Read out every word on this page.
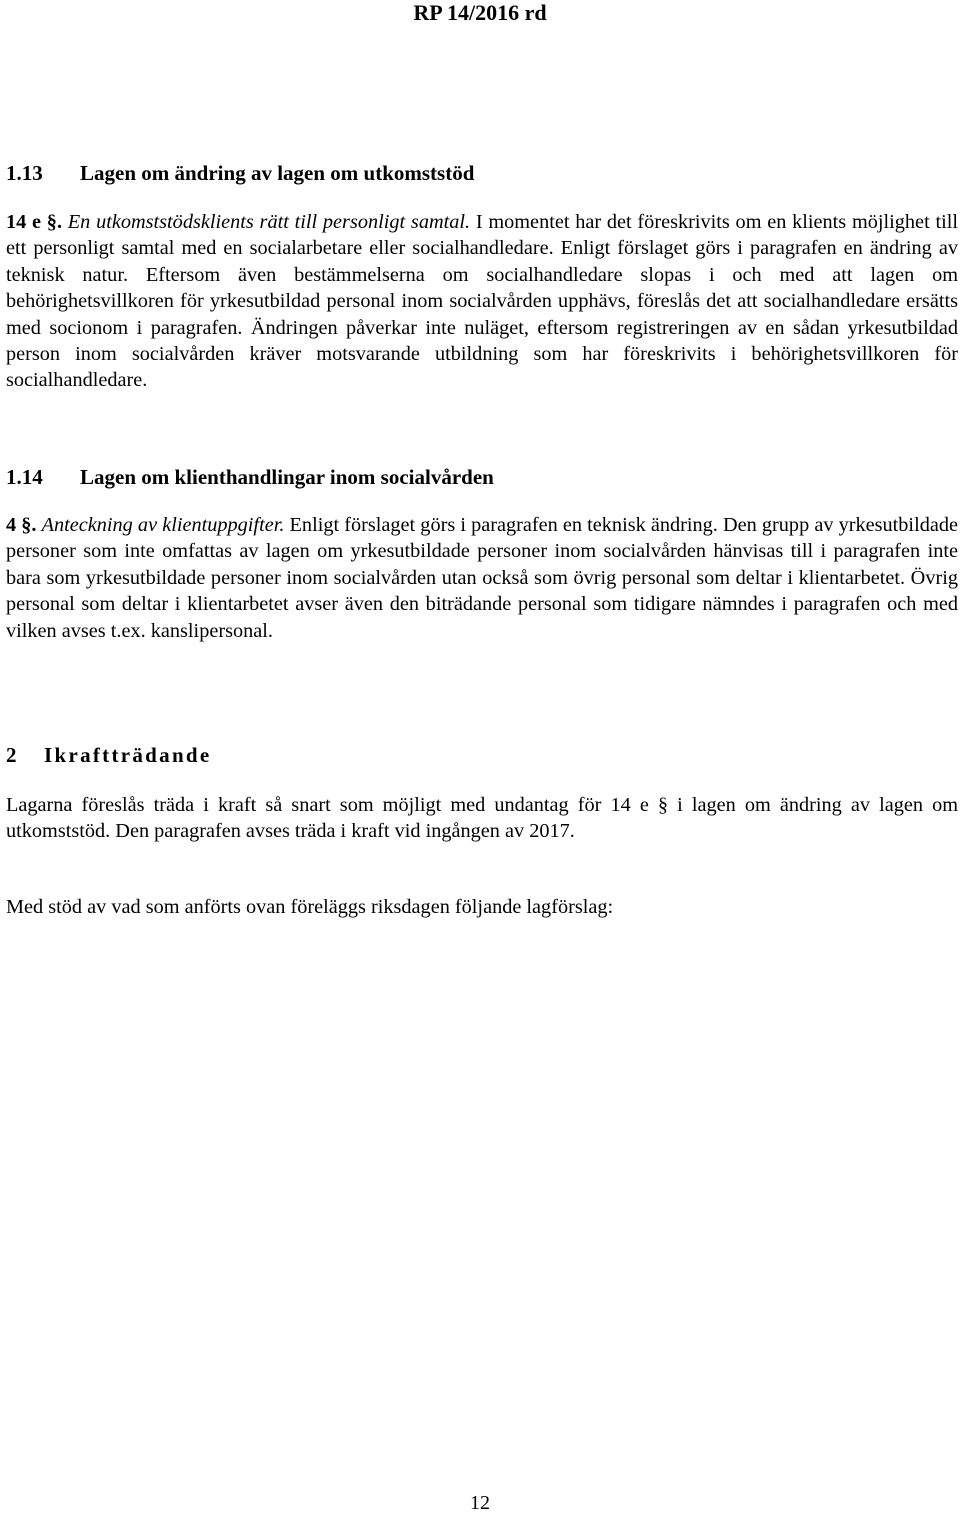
RP 14/2016 rd
1.13 Lagen om ändring av lagen om utkomststöd
14 e §. En utkomststödsklients rätt till personligt samtal. I momentet har det föreskrivits om en klients möjlighet till ett personligt samtal med en socialarbetare eller socialhandledare. Enligt förslaget görs i paragrafen en ändring av teknisk natur. Eftersom även bestämmelserna om socialhandledare slopas i och med att lagen om behörighetsvillkoren för yrkesutbildad personal inom socialvården upphävs, föreslås det att socialhandledare ersätts med socionom i paragrafen. Ändringen påverkar inte nuläget, eftersom registreringen av en sådan yrkesutbildad person inom socialvården kräver motsvarande utbildning som har föreskrivits i behörighetsvillkoren för socialhandledare.
1.14 Lagen om klienthandlingar inom socialvården
4 §. Anteckning av klientuppgifter. Enligt förslaget görs i paragrafen en teknisk ändring. Den grupp av yrkesutbildade personer som inte omfattas av lagen om yrkesutbildade personer inom socialvården hänvisas till i paragrafen inte bara som yrkesutbildade personer inom socialvården utan också som övrig personal som deltar i klientarbetet. Övrig personal som deltar i klientarbetet avser även den biträdande personal som tidigare nämndes i paragrafen och med vilken avses t.ex. kanslipersonal.
2 Ikraftträdande
Lagarna föreslås träda i kraft så snart som möjligt med undantag för 14 e § i lagen om ändring av lagen om utkomststöd. Den paragrafen avses träda i kraft vid ingången av 2017.
Med stöd av vad som anförts ovan föreläggs riksdagen följande lagförslag:
12
